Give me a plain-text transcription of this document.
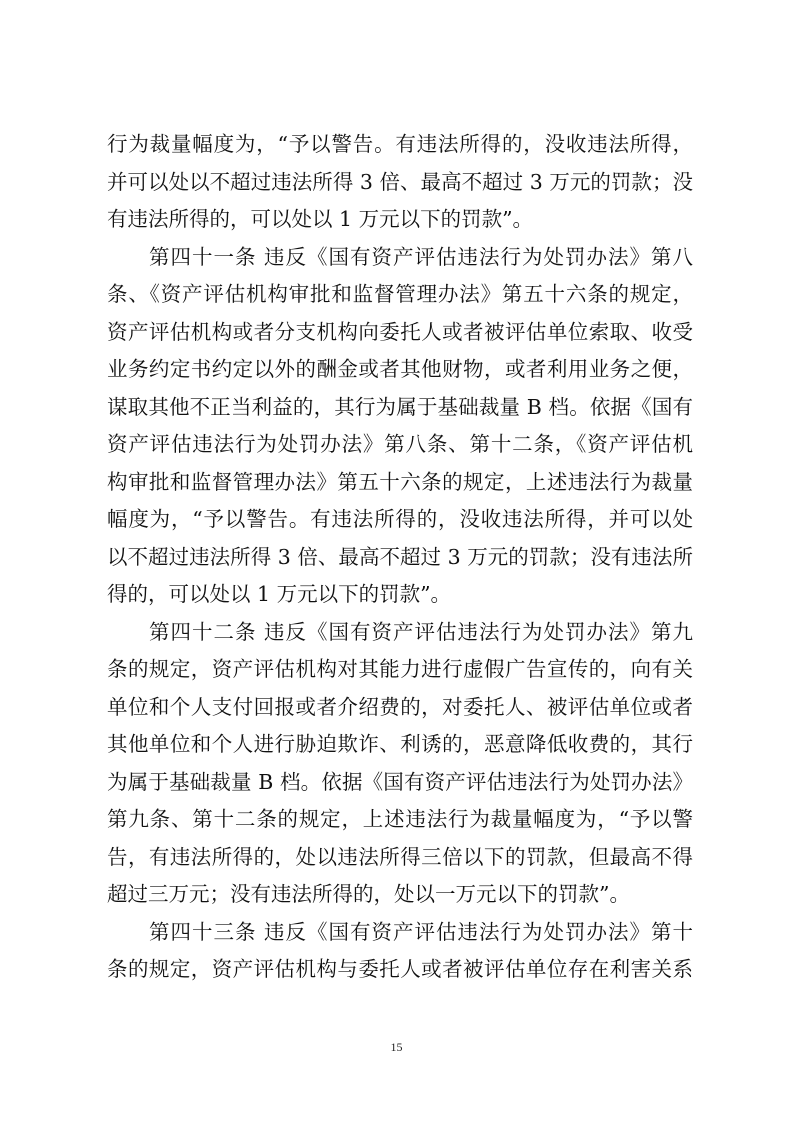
行为裁量幅度为，“予以警告。有违法所得的，没收违法所得，
并可以处以不超过违法所得 3 倍、最高不超过 3 万元的罚款；没
有违法所得的，可以处以 1 万元以下的罚款”。
第四十一条 违反《国有资产评估违法行为处罚办法》第八
条、《资产评估机构审批和监督管理办法》第五十六条的规定，
资产评估机构或者分支机构向委托人或者被评估单位索取、收受
业务约定书约定以外的酬金或者其他财物，或者利用业务之便，
谋取其他不正当利益的，其行为属于基础裁量 B 档。依据《国有
资产评估违法行为处罚办法》第八条、第十二条，《资产评估机
构审批和监督管理办法》第五十六条的规定，上述违法行为裁量
幅度为，“予以警告。有违法所得的，没收违法所得，并可以处
以不超过违法所得 3 倍、最高不超过 3 万元的罚款；没有违法所
得的，可以处以 1 万元以下的罚款”。
第四十二条 违反《国有资产评估违法行为处罚办法》第九
条的规定，资产评估机构对其能力进行虚假广告宣传的，向有关
单位和个人支付回报或者介绍费的，对委托人、被评估单位或者
其他单位和个人进行胁迫欺诈、利诱的，恶意降低收费的，其行
为属于基础裁量 B 档。依据《国有资产评估违法行为处罚办法》
第九条、第十二条的规定，上述违法行为裁量幅度为，“予以警
告，有违法所得的，处以违法所得三倍以下的罚款，但最高不得
超过三万元；没有违法所得的，处以一万元以下的罚款”。
第四十三条 违反《国有资产评估违法行为处罚办法》第十
条的规定，资产评估机构与委托人或者被评估单位存在利害关系
15
